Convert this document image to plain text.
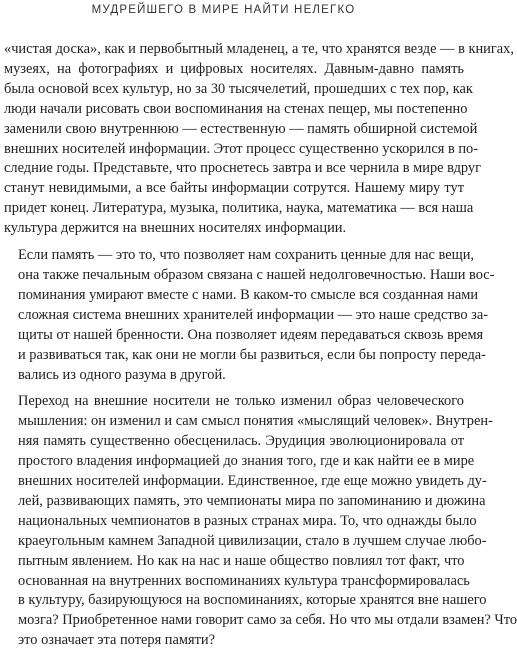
МУДРЕЙШЕГО В МИРЕ НАЙТИ НЕЛЕГКО

«чистая доска», как и первобытный младенец, а те, что хранятся везде — в книгах,
музеях, на фотографиях и цифровых носителях. Давным-давно память
была основой всех культур, но за 30 тысячелетий, прошедших с тех пор, как
люди начали рисовать свои воспоминания на стенах пещер, мы постепенно
заменили свою внутреннюю — естественную — память обширной системой
внешних носителей информации. Этот процесс существенно ускорился в по-
следние годы. Представьте, что проснетесь завтра и все чернила в мире вдруг
станут невидимыми, а все байты информации сотрутся. Нашему миру тут
придет конец. Литература, музыка, политика, наука, математика — вся наша
культура держится на внешних носителях информации.

Если память — это то, что позволяет нам сохранить ценные для нас вещи,
она также печальным образом связана с нашей недолговечностью. Наши вос-
поминания умирают вместе с нами. В каком-то смысле вся созданная нами
сложная система внешних хранителей информации — это наше средство за-
щиты от нашей бренности. Она позволяет идеям передаваться сквозь время
и развиваться так, как они не могли бы развиться, если бы попросту переда-
вались из одного разума в другой.

Переход на внешние носители не только изменил образ человеческого
мышления: он изменил и сам смысл понятия «мыслящий человек». Внутрен-
няя память существенно обесценилась. Эрудиция эволюционировала от
простого владения информацией до знания того, где и как найти ее в мире
внешних носителей информации. Единственное, где еще можно увидеть ду-
лей, развивающих память, это чемпионаты мира по запоминанию и дюжина
национальных чемпионатов в разных странах мира. То, что однажды было
краеугольным камнем Западной цивилизации, стало в лучшем случае любо-
пытным явлением. Но как на нас и наше общество повлиял тот факт, что
основанная на внутренних воспоминаниях культура трансформировалась
в культуру, базирующуюся на воспоминаниях, которые хранятся вне нашего
мозга? Приобретенное нами говорит само за себя. Но что мы отдали взамен? Что
это означает эта потеря памяти?
